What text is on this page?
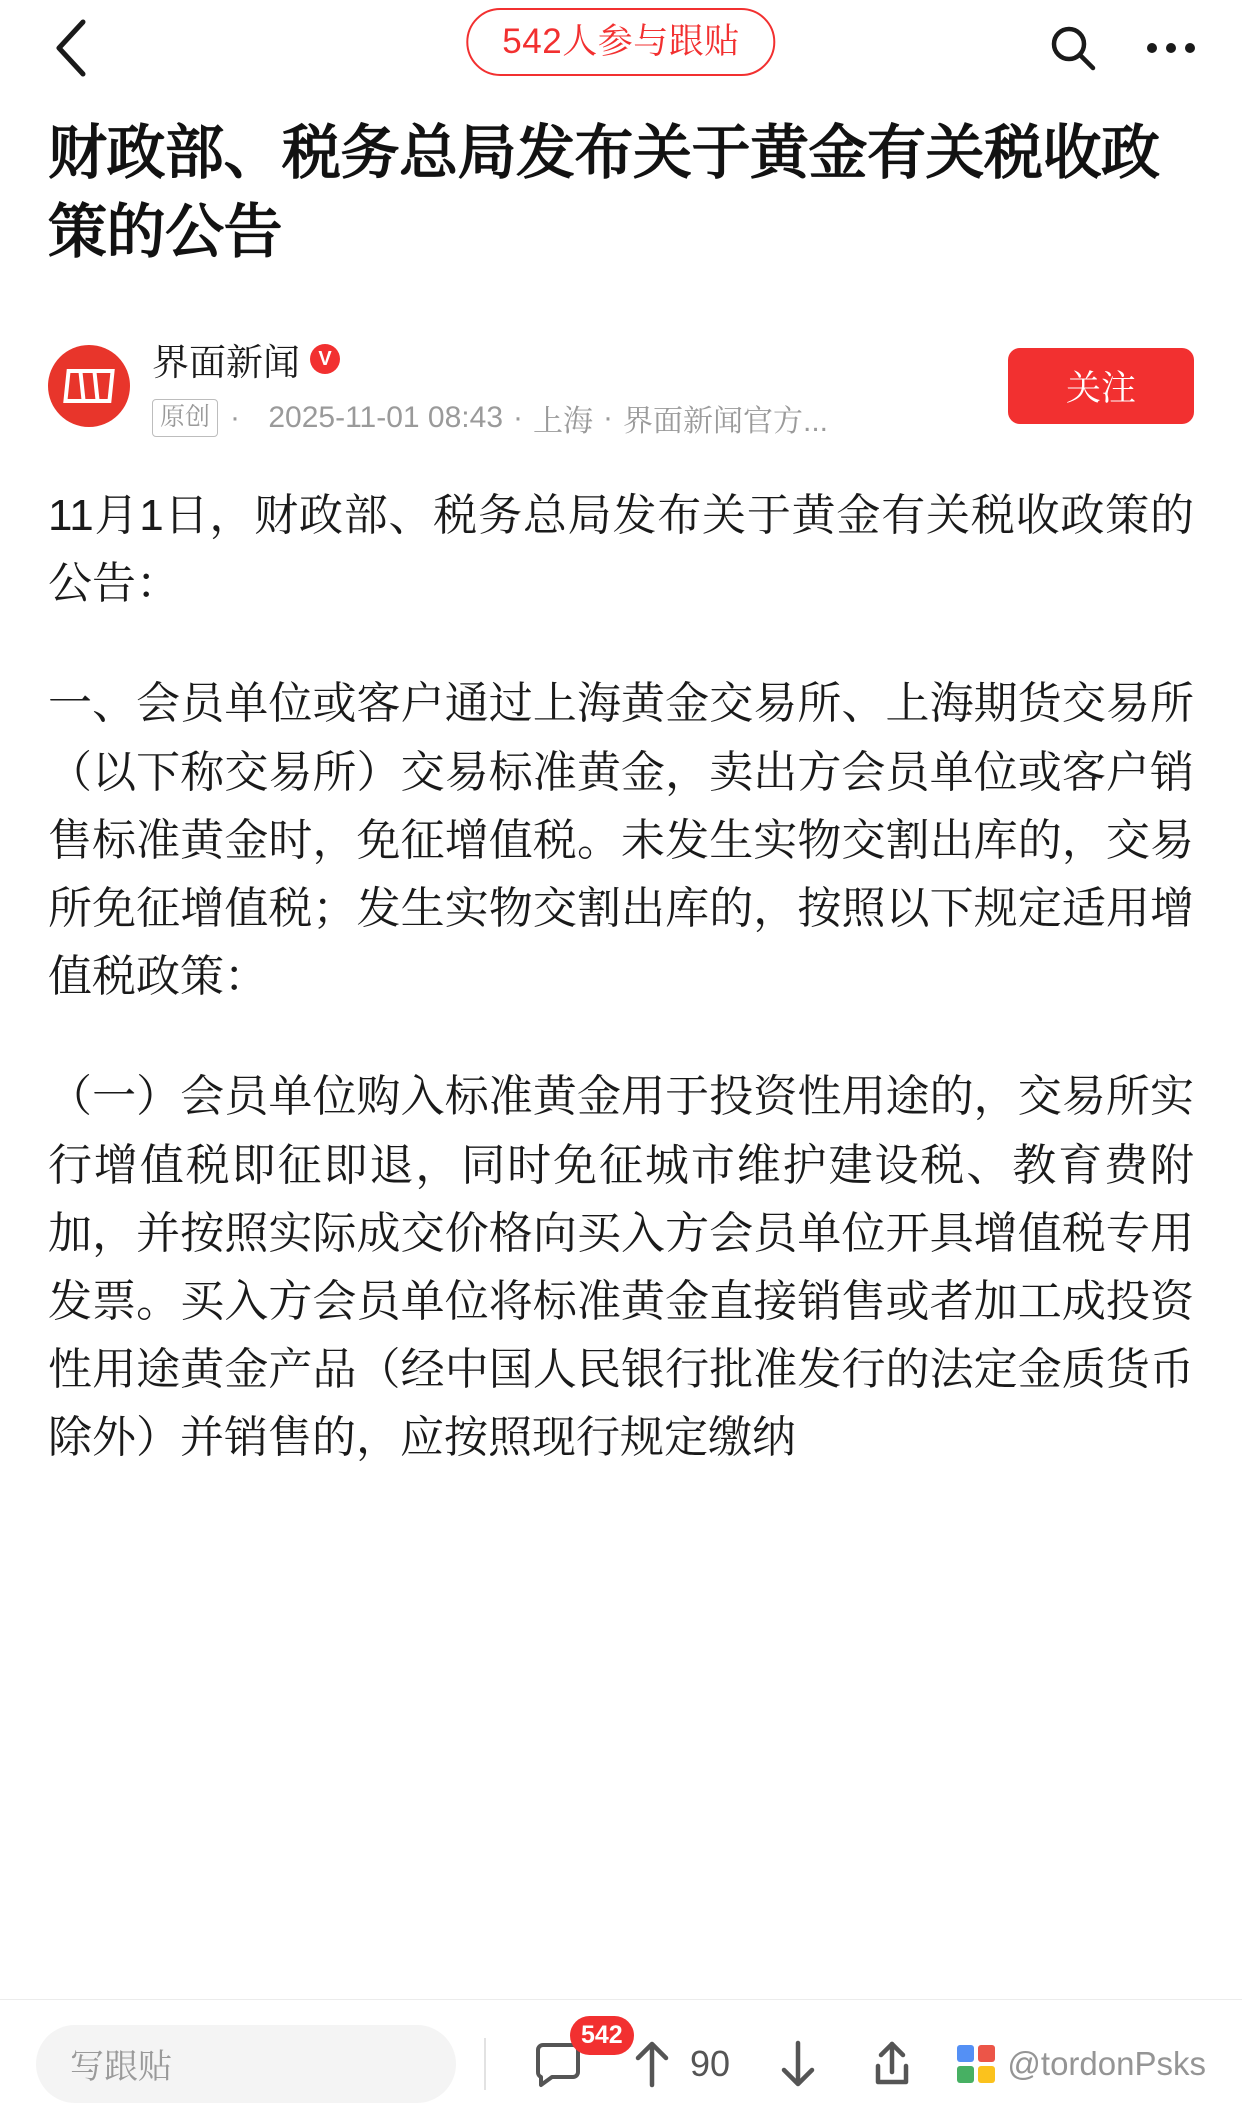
542人参与跟贴
财政部、税务总局发布关于黄金有关税收政策的公告
界面新闻 V
原创 ·
2025-11-01 08:43 · 上海 · 界面新闻官方...
关注

11月1日，财政部、税务总局发布关于黄金有关税收政策的公告：

一、会员单位或客户通过上海黄金交易所、上海期货交易所（以下称交易所）交易标准黄金，卖出方会员单位或客户销售标准黄金时，免征增值税。未发生实物交割出库的，交易所免征增值税；发生实物交割出库的，按照以下规定适用增值税政策：

（一）会员单位购入标准黄金用于投资性用途的，交易所实行增值税即征即退，同时免征城市维护建设税、教育费附加，并按照实际成交价格向买入方会员单位开具增值税专用发票。买入方会员单位将标准黄金直接销售或者加工成投资性用途黄金产品（经中国人民银行批准发行的法定金质货币除外）并销售的，应按照现行规定缴纳

写跟贴
542
90	@tordonPsks
